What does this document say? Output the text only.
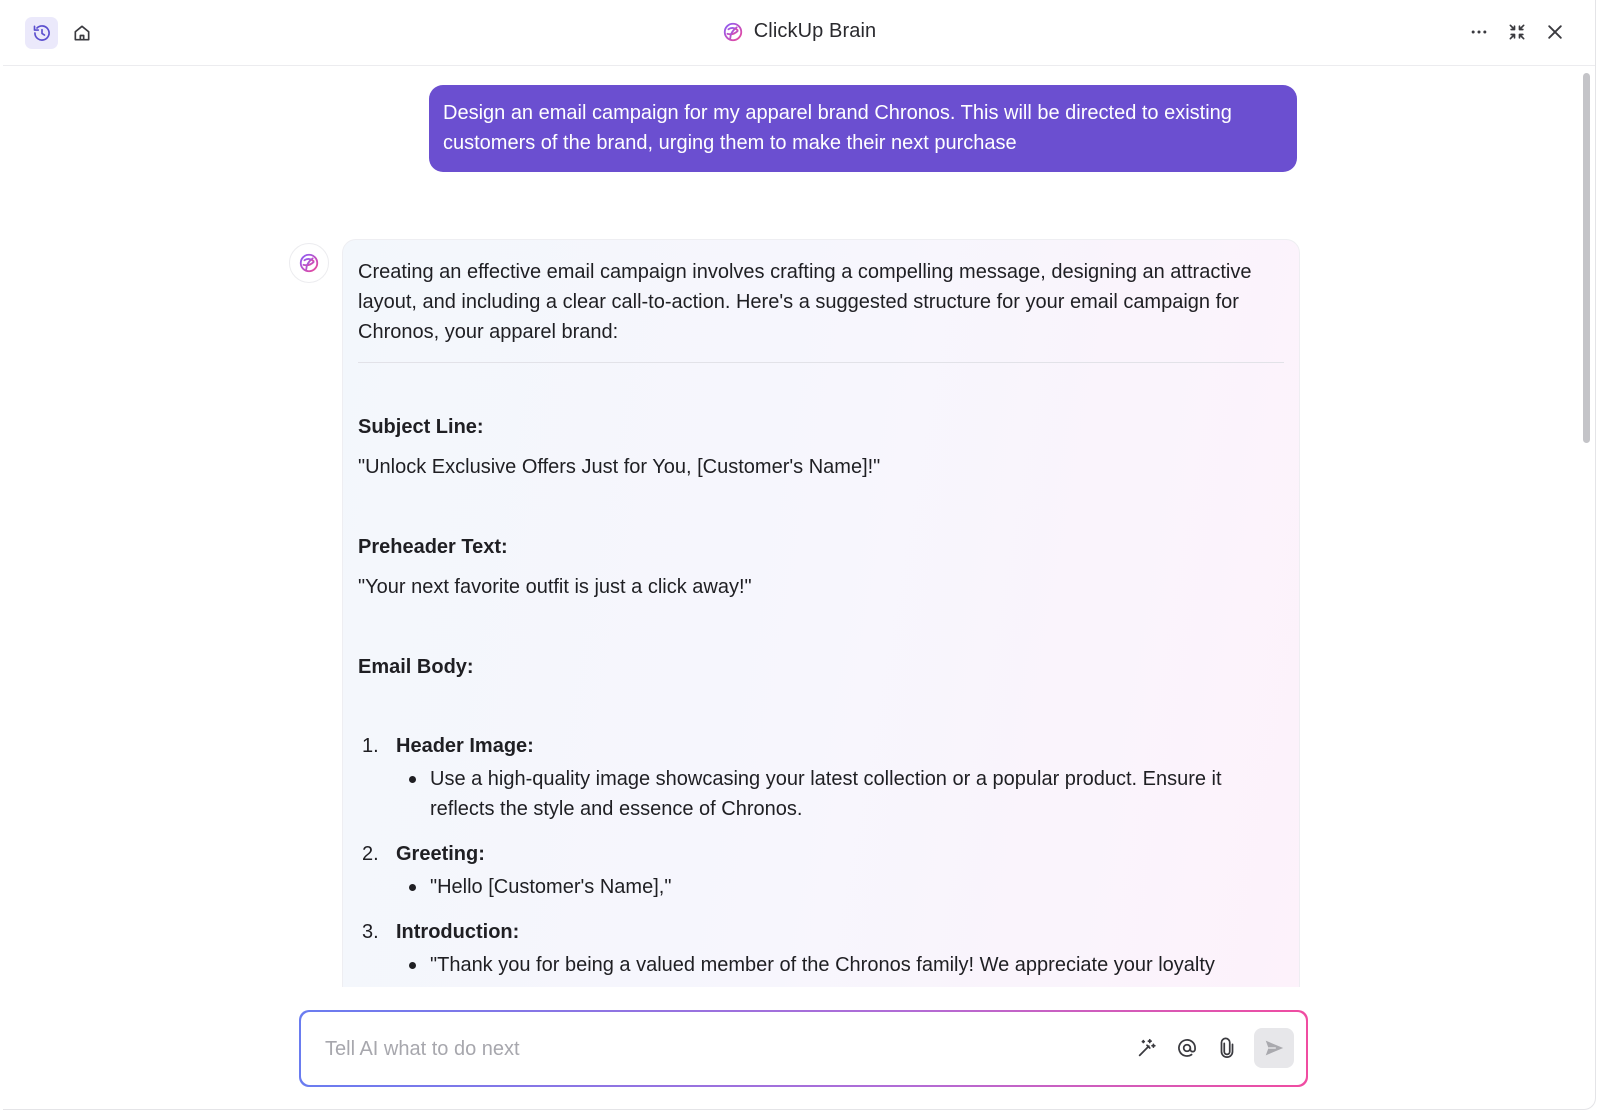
ClickUp Brain
Design an email campaign for my apparel brand Chronos. This will be directed to existing customers of the brand, urging them to make their next purchase

Creating an effective email campaign involves crafting a compelling message, designing an attractive layout, and including a clear call-to-action. Here's a suggested structure for your email campaign for Chronos, your apparel brand:

Subject Line:
"Unlock Exclusive Offers Just for You, [Customer's Name]!"
Preheader Text:
"Your next favorite outfit is just a click away!"
Email Body:
1. Header Image:
Use a high-quality image showcasing your latest collection or a popular product. Ensure it reflects the style and essence of Chronos.
2. Greeting:
"Hello [Customer's Name],"
3. Introduction:
"Thank you for being a valued member of the Chronos family! We appreciate your loyalty
Tell AI what to do next
